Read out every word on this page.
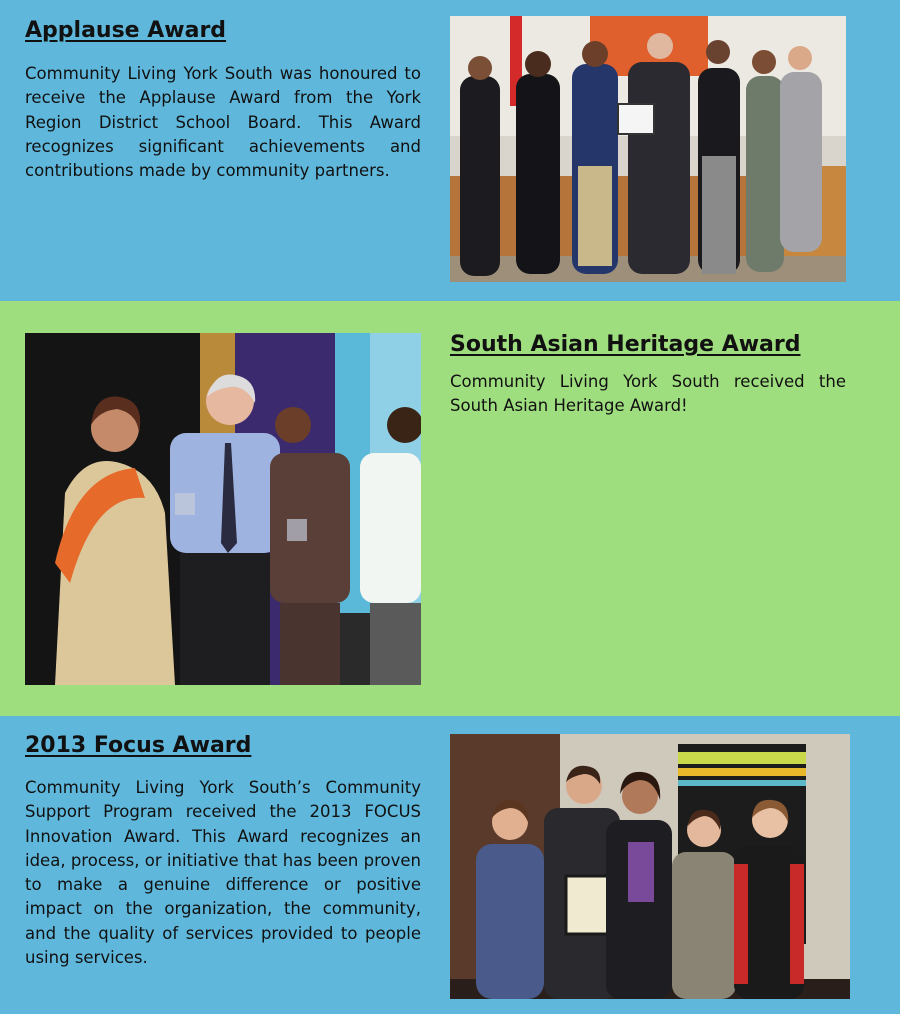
Applause Award

Community Living York South was honoured to receive the Applause Award from the York Region District School Board. This Award recognizes significant achievements and contributions made by community partners.

South Asian Heritage Award

Community Living York South received the South Asian Heritage Award!

2013 Focus Award

Community Living York South’s Community Support Program received the 2013 FOCUS Innovation Award. This Award recognizes an idea, process, or initiative that has been proven to make a genuine difference or positive impact on the organization, the community, and the quality of services provided to people using services.
